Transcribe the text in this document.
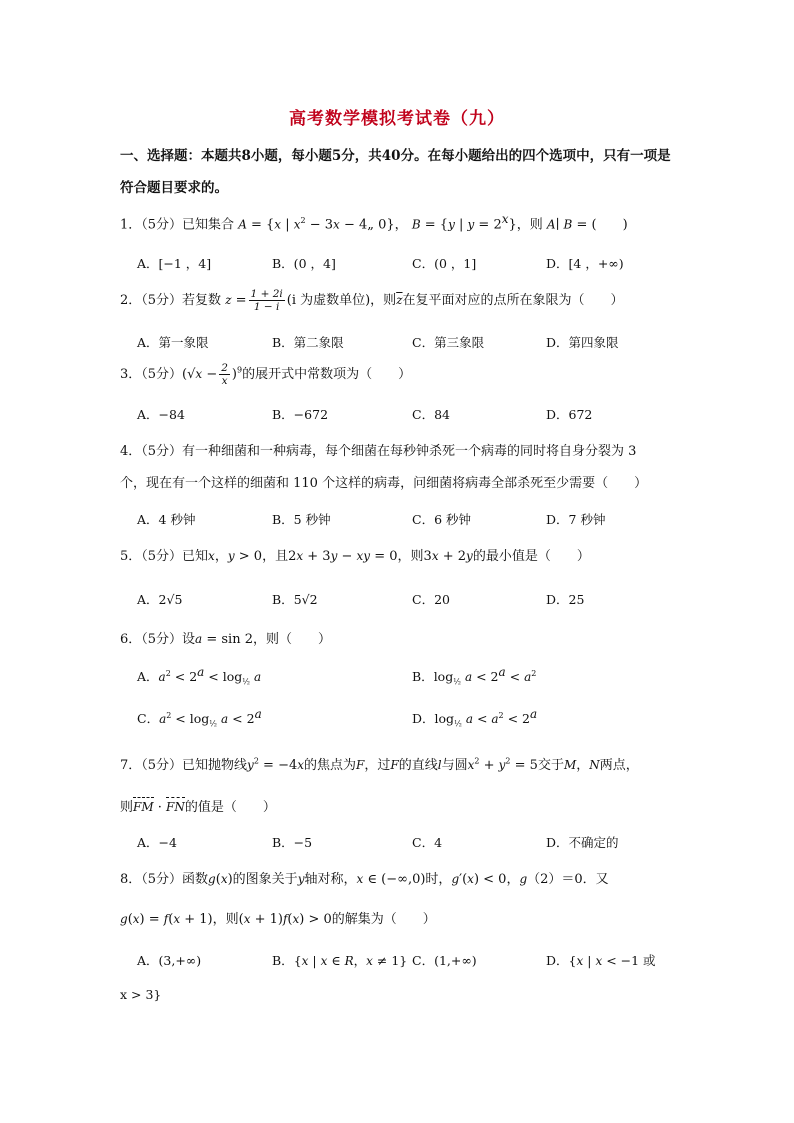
高考数学模拟考试卷（九）
一、选择题：本题共8小题，每小题5分，共40分。在每小题给出的四个选项中，只有一项是符合题目要求的。
1．（5分）已知集合 A = {x | $x^2 - 3x$ − 4„ 0}， B = {y | $y = 2^x$}，则 A∣ B = (　　)
A．[−1 ，4]	B．(0 ，4]	C．(0 ，1]	D．[4 ，+∞)
2．（5分）若复数 $z = \frac{1 + 2i}{1 - i} (i$ 为虚数单位)，则$\overline{z}$在复平面对应的点所在象限为（　　）
A．第一象限	B．第二象限	C．第三象限	D．第四象限
3．（5分）$(√x - \frac{2}{x} )^9$的展开式中常数项为（　　）
A．−84	B．−672	C．84	D．672
4．（5分）有一种细菌和一种病毒，每个细菌在每秒钟杀死一个病毒的同时将自身分裂为 3
个，现在有一个这样的细菌和 110 个这样的病毒，问细菌将病毒全部杀死至少需要（　　）
A．4 秒钟	B．5 秒钟	C．6 秒钟	D．7 秒钟
5．（5分）已知x，y > 0，且2x + 3y − xy = 0，则3x + 2y的最小值是（　　）
A．2√5	B．5√2	C．20	D．25
6．（5分）设a = sin 2，则（　　）
A．$a^2 < 2^a < \log_{\frac{1}{2}} a$	B．$\log_{\frac{1}{2}} a < 2^a < a^2$
C．$a^2 < \log_{\frac{1}{2}} a < 2^a$	D．$\log_{\frac{1}{2}} a < a^2 < 2^a$
7．（5分）已知抛物线$y^2 = -4x$的焦点为F，过F的直线l与圆$x^2 + y^2 = 5$交于M，N两点，
则FM · FN的值是（　　）
A．−4	B．−5	C．4	D．不确定的
8．（5分）函数g(x)的图象关于y轴对称，x ∈ (−∞,0)时，g′(x) < 0，g（2）＝0．又
g(x) = f(x + 1)，则(x + 1)f(x) > 0的解集为（　　）
A．(3,+∞)	B．{x | x ∈ R，x ≠ 1} C．(1,+∞)	D．{x | x < −1 或
x > 3}
